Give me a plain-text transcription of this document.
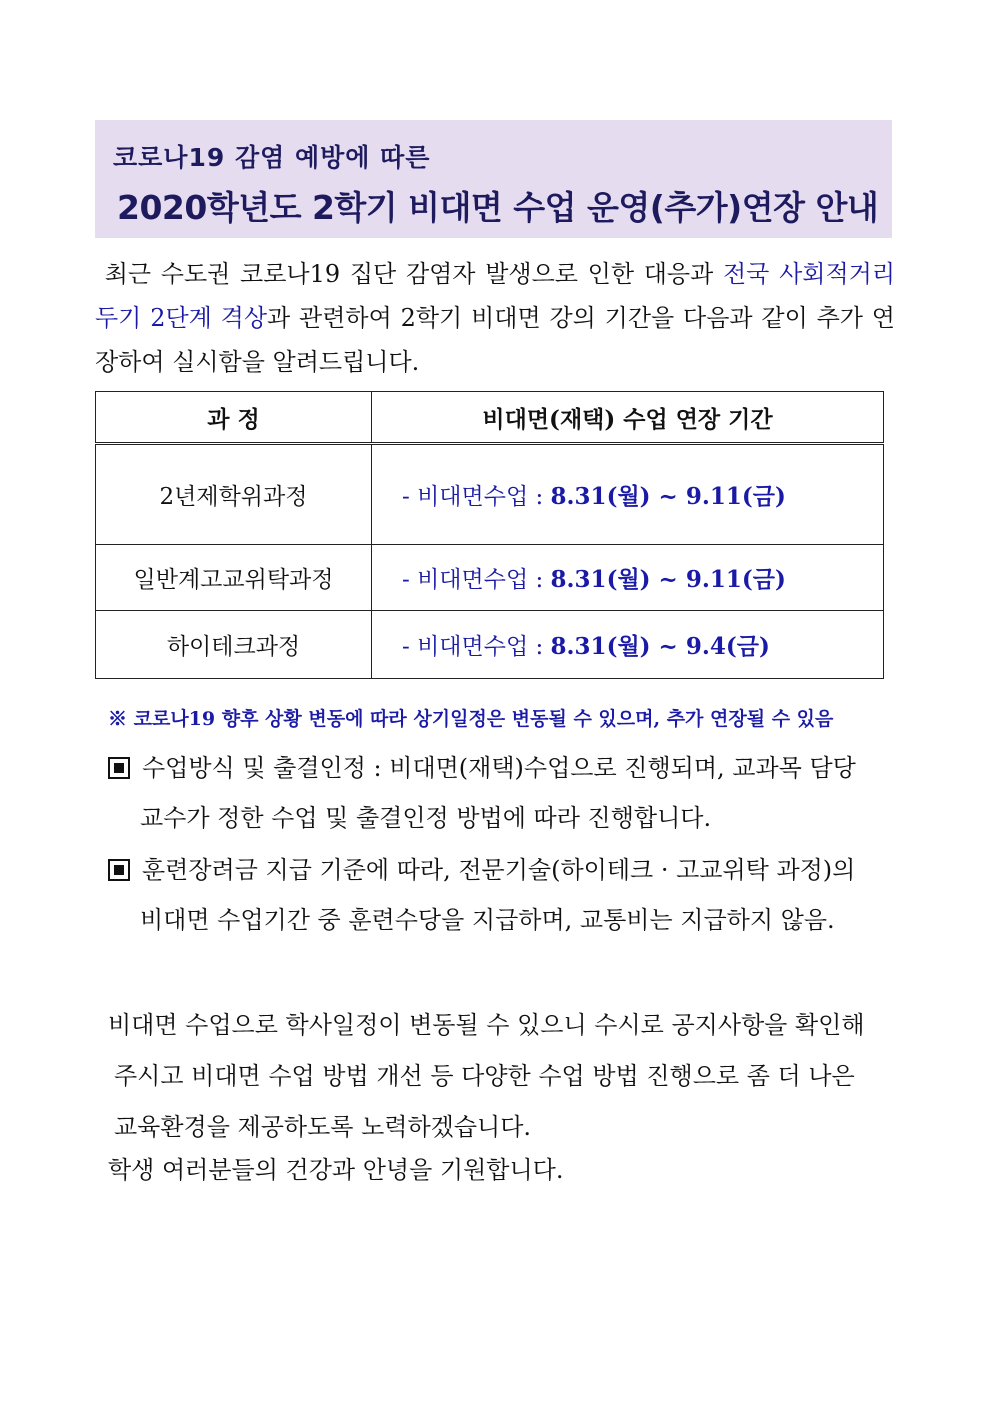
코로나19 감염 예방에 따른
2020학년도 2학기 비대면 수업 운영(추가)연장 안내
최근 수도권 코로나19 집단 감염자 발생으로 인한 대응과 전국 사회적거리두기 2단계 격상과 관련하여 2학기 비대면 강의 기간을 다음과 같이 추가 연장하여 실시함을 알려드립니다.
과 정	비대면(재택) 수업 연장 기간
2년제학위과정	- 비대면수업 : 8.31(월) ~ 9.11(금)
일반계고교위탁과정	- 비대면수업 : 8.31(월) ~ 9.11(금)
하이테크과정	- 비대면수업 : 8.31(월) ~ 9.4(금)
※ 코로나19 향후 상황 변동에 따라 상기일정은 변동될 수 있으며, 추가 연장될 수 있음
수업방식 및 출결인정 : 비대면(재택)수업으로 진행되며, 교과목 담당
교수가 정한 수업 및 출결인정 방법에 따라 진행합니다.
훈련장려금 지급 기준에 따라, 전문기술(하이테크 · 고교위탁 과정)의
비대면 수업기간 중 훈련수당을 지급하며, 교통비는 지급하지 않음.
비대면 수업으로 학사일정이 변동될 수 있으니 수시로 공지사항을 확인해
주시고 비대면 수업 방법 개선 등 다양한 수업 방법 진행으로 좀 더 나은
교육환경을 제공하도록 노력하겠습니다.
학생 여러분들의 건강과 안녕을 기원합니다.
